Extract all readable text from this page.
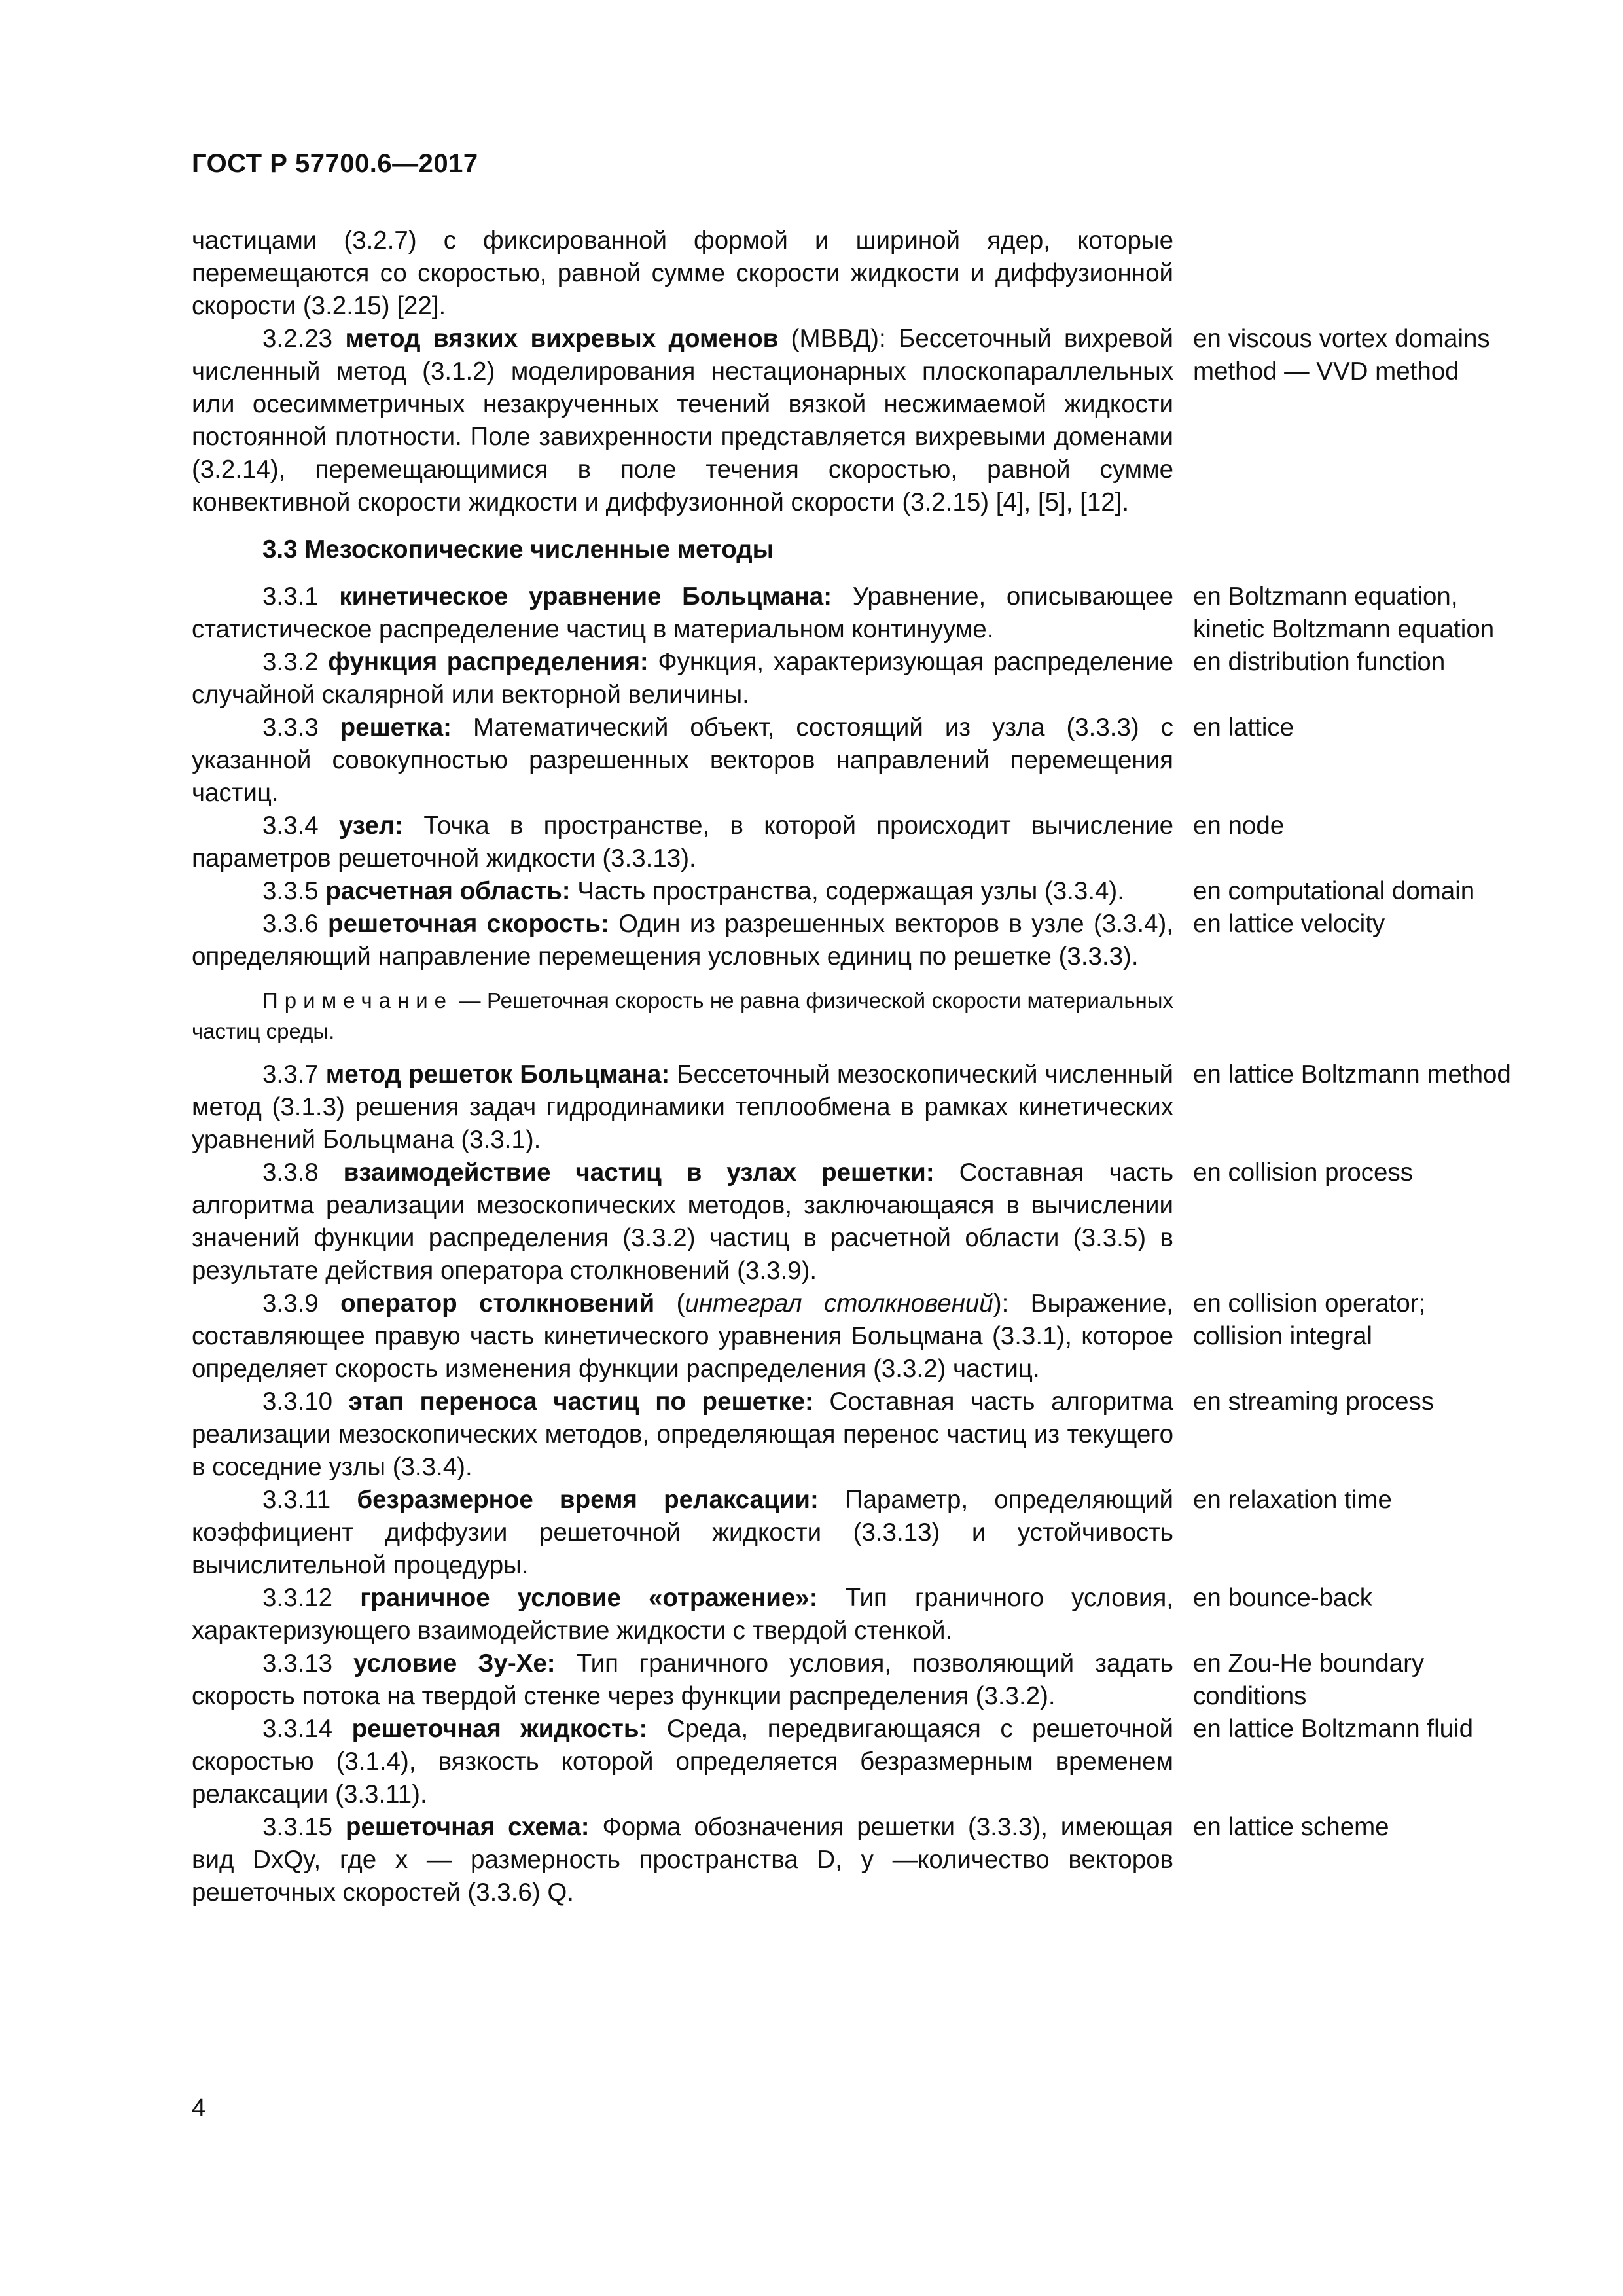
ГОСТ Р 57700.6—2017
частицами (3.2.7) с фиксированной формой и шириной ядер, которые перемещаются со скоростью, равной сумме скорости жидкости и диффузионной скорости (3.2.15) [22].
3.2.23 метод вязких вихревых доменов (МВВД): Бессеточный вихревой численный метод (3.1.2) моделирования нестационарных плоскопараллельных или осесимметричных незакрученных течений вязкой несжимаемой жидкости постоянной плотности. Поле завихренности представляется вихревыми доменами (3.2.14), перемещающимися в поле течения скоростью, равной сумме конвективной скорости жидкости и диффузионной скорости (3.2.15) [4], [5], [12].
en viscous vortex domains method — VVD method
3.3 Мезоскопические численные методы
3.3.1 кинетическое уравнение Больцмана: Уравнение, описывающее статистическое распределение частиц в материальном континууме.
en Boltzmann equation, kinetic Boltzmann equation
3.3.2 функция распределения: Функция, характеризующая распределение случайной скалярной или векторной величины.
en distribution function
3.3.3 решетка: Математический объект, состоящий из узла (3.3.3) с указанной совокупностью разрешенных векторов направлений перемещения частиц.
en lattice
3.3.4 узел: Точка в пространстве, в которой происходит вычисление параметров решеточной жидкости (3.3.13).
en node
3.3.5 расчетная область: Часть пространства, содержащая узлы (3.3.4).	en computational domain
3.3.6 решеточная скорость: Один из разрешенных векторов в узле (3.3.4), определяющий направление перемещения условных единиц по решетке (3.3.3).
en lattice velocity
Примечание — Решеточная скорость не равна физической скорости материальных частиц среды.
3.3.7 метод решеток Больцмана: Бессеточный мезоскопический численный метод (3.1.3) решения задач гидродинамики теплообмена в рамках кинетических уравнений Больцмана (3.3.1).
en lattice Boltzmann method
3.3.8 взаимодействие частиц в узлах решетки: Составная часть алгоритма реализации мезоскопических методов, заключающаяся в вычислении значений функции распределения (3.3.2) частиц в расчетной области (3.3.5) в результате действия оператора столкновений (3.3.9).
en collision process
3.3.9 оператор столкновений (интеграл столкновений): Выражение, составляющее правую часть кинетического уравнения Больцмана (3.3.1), которое определяет скорость изменения функции распределения (3.3.2) частиц.
en collision operator; collision integral
3.3.10 этап переноса частиц по решетке: Составная часть алгоритма реализации мезоскопических методов, определяющая перенос частиц из текущего в соседние узлы (3.3.4).
en streaming process
3.3.11 безразмерное время релаксации: Параметр, определяющий коэффициент диффузии решеточной жидкости (3.3.13) и устойчивость вычислительной процедуры.
en relaxation time
3.3.12 граничное условие «отражение»: Тип граничного условия, характеризующего взаимодействие жидкости с твердой стенкой.
en bounce-back
3.3.13 условие Зу-Хе: Тип граничного условия, позволяющий задать скорость потока на твердой стенке через функции распределения (3.3.2).
en Zou-He boundary conditions
3.3.14 решеточная жидкость: Среда, передвигающаяся с решеточной скоростью (3.1.4), вязкость которой определяется безразмерным временем релаксации (3.3.11).
en lattice Boltzmann fluid
3.3.15 решеточная схема: Форма обозначения решетки (3.3.3), имеющая вид DxQy, где x — размерность пространства D, y —количество векторов решеточных скоростей (3.3.6) Q.
en lattice scheme
4
